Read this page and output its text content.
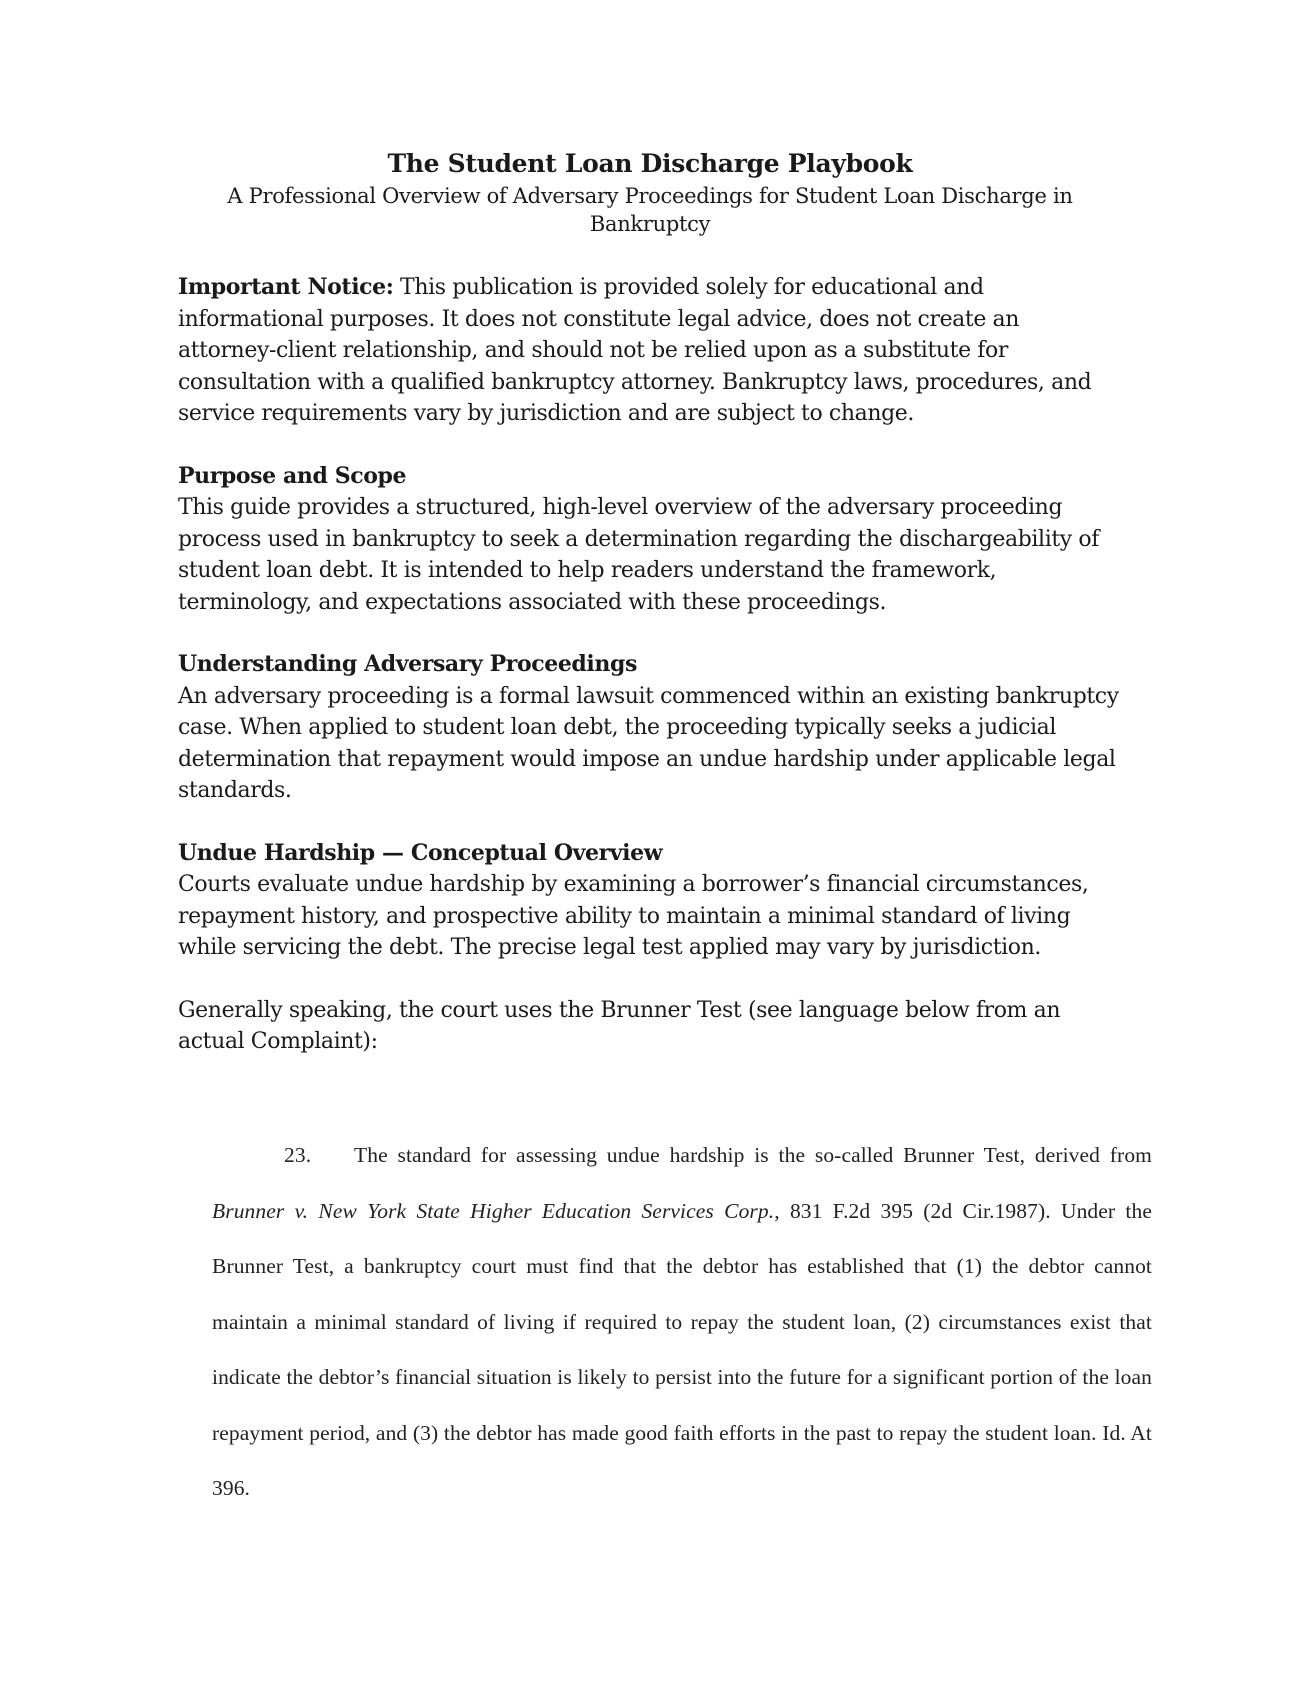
The Student Loan Discharge Playbook
A Professional Overview of Adversary Proceedings for Student Loan Discharge in Bankruptcy

Important Notice: This publication is provided solely for educational and informational purposes. It does not constitute legal advice, does not create an attorney-client relationship, and should not be relied upon as a substitute for consultation with a qualified bankruptcy attorney. Bankruptcy laws, procedures, and service requirements vary by jurisdiction and are subject to change.

Purpose and Scope
This guide provides a structured, high-level overview of the adversary proceeding process used in bankruptcy to seek a determination regarding the dischargeability of student loan debt. It is intended to help readers understand the framework, terminology, and expectations associated with these proceedings.
Understanding Adversary Proceedings
An adversary proceeding is a formal lawsuit commenced within an existing bankruptcy case. When applied to student loan debt, the proceeding typically seeks a judicial determination that repayment would impose an undue hardship under applicable legal standards.
Undue Hardship — Conceptual Overview
Courts evaluate undue hardship by examining a borrower’s financial circumstances, repayment history, and prospective ability to maintain a minimal standard of living while servicing the debt. The precise legal test applied may vary by jurisdiction.

Generally speaking, the court uses the Brunner Test (see language below from an actual Complaint):

23. The standard for assessing undue hardship is the so-called Brunner Test, derived from Brunner v. New York State Higher Education Services Corp., 831 F.2d 395 (2d Cir.1987). Under the Brunner Test, a bankruptcy court must find that the debtor has established that (1) the debtor cannot maintain a minimal standard of living if required to repay the student loan, (2) circumstances exist that indicate the debtor’s financial situation is likely to persist into the future for a significant portion of the loan repayment period, and (3) the debtor has made good faith efforts in the past to repay the student loan. Id. At 396.
